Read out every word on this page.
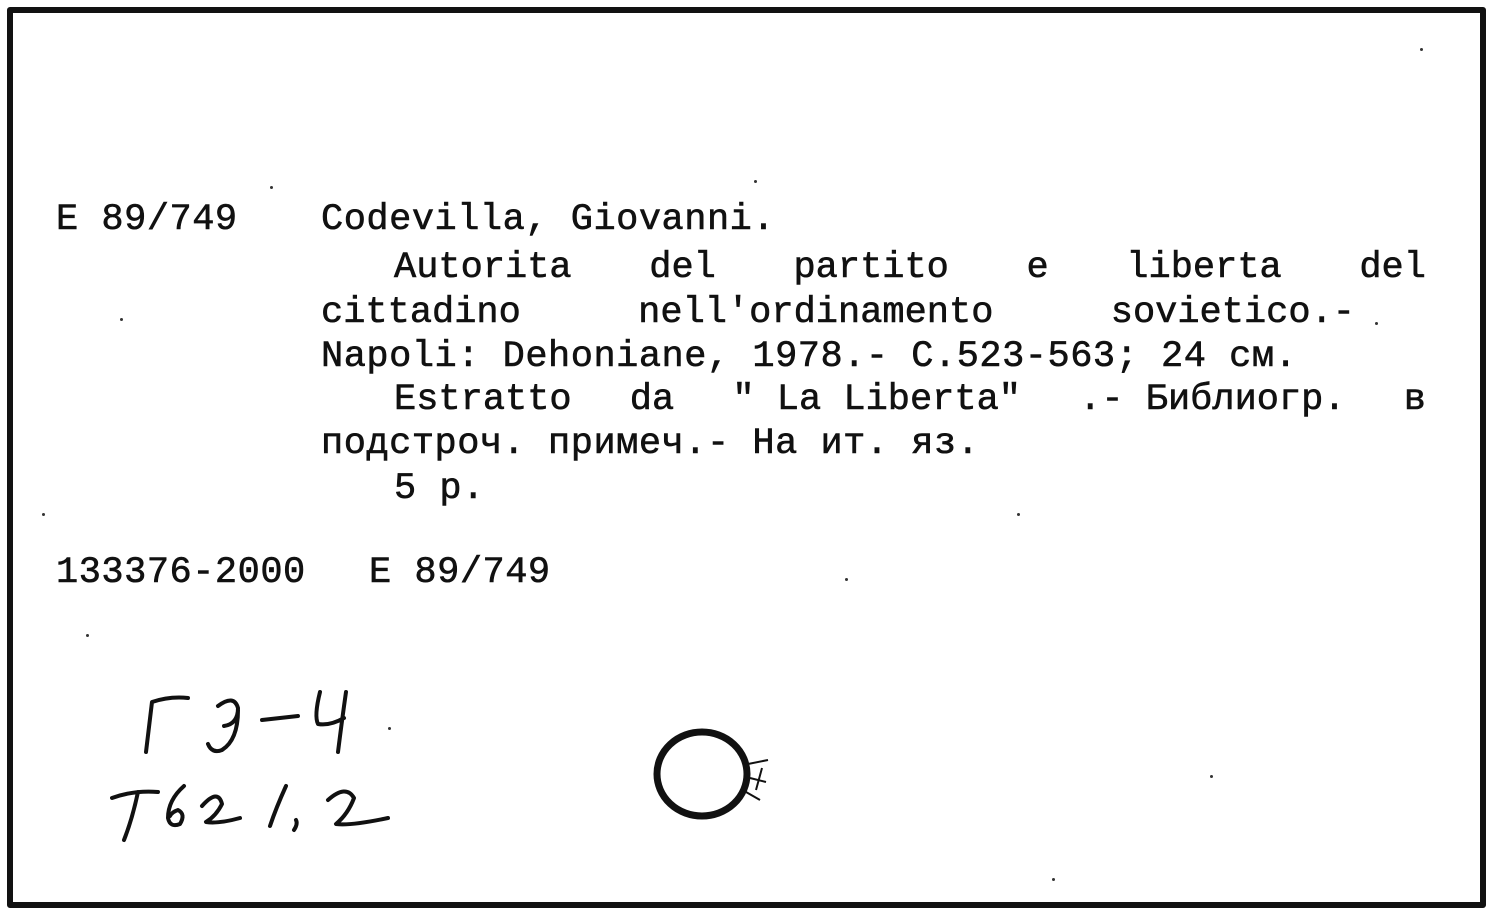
E 89/749 Codevilla, Giovanni.
Autorita del partito e liberta del
cittadino	nell'ordinamento	sovietico.-
Napoli: Dehoniane, 1978.- C.523-563; 24 см.
Estratto da " La Liberta" .- Библиогр. в
подстроч. примеч.- На ит. яз.
5 р.
133376-2000 E 89/749
